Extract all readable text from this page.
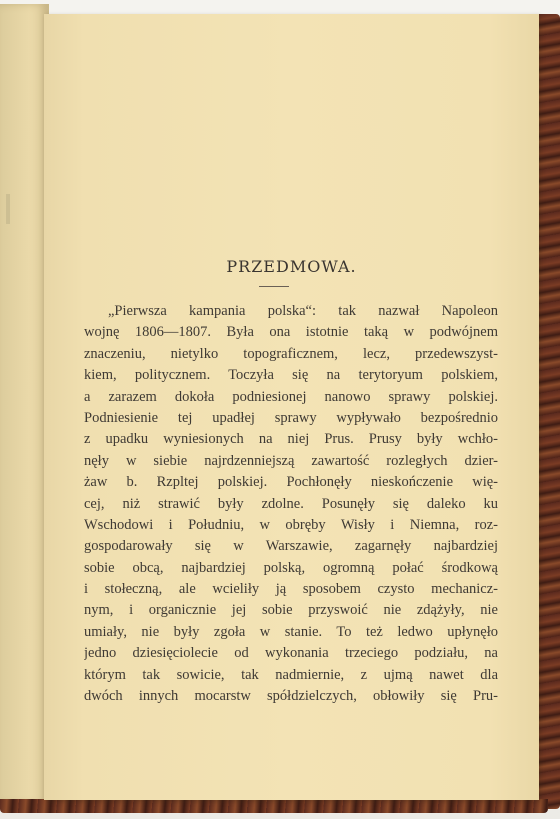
PRZEDMOWA.
„Pierwsza kampania polska“: tak nazwał Napoleon
wojnę 1806—1807. Była ona istotnie taką w podwójnem
znaczeniu, nietylko topograficznem, lecz, przedewszyst-
kiem, politycznem. Toczyła się na terytoryum polskiem,
a zarazem dokoła podniesionej nanowo sprawy polskiej.
Podniesienie tej upadłej sprawy wypływało bezpośrednio
z upadku wyniesionych na niej Prus. Prusy były wchło-
nęły w siebie najrdzenniejszą zawartość rozległych dzier-
żaw b. Rzpltej polskiej. Pochłonęły nieskończenie wię-
cej, niż strawić były zdolne. Posunęły się daleko ku
Wschodowi i Południu, w obręby Wisły i Niemna, roz-
gospodarowały się w Warszawie, zagarnęły najbardziej
sobie obcą, najbardziej polską, ogromną połać środkową
i stołeczną, ale wcieliły ją sposobem czysto mechanicz-
nym, i organicznie jej sobie przyswoić nie zdążyły, nie
umiały, nie były zgoła w stanie. To też ledwo upłynęło
jedno dziesięciolecie od wykonania trzeciego podziału, na
którym tak sowicie, tak nadmiernie, z ujmą nawet dla
dwóch innych mocarstw spółdzielczych, obłowiły się Pru-
